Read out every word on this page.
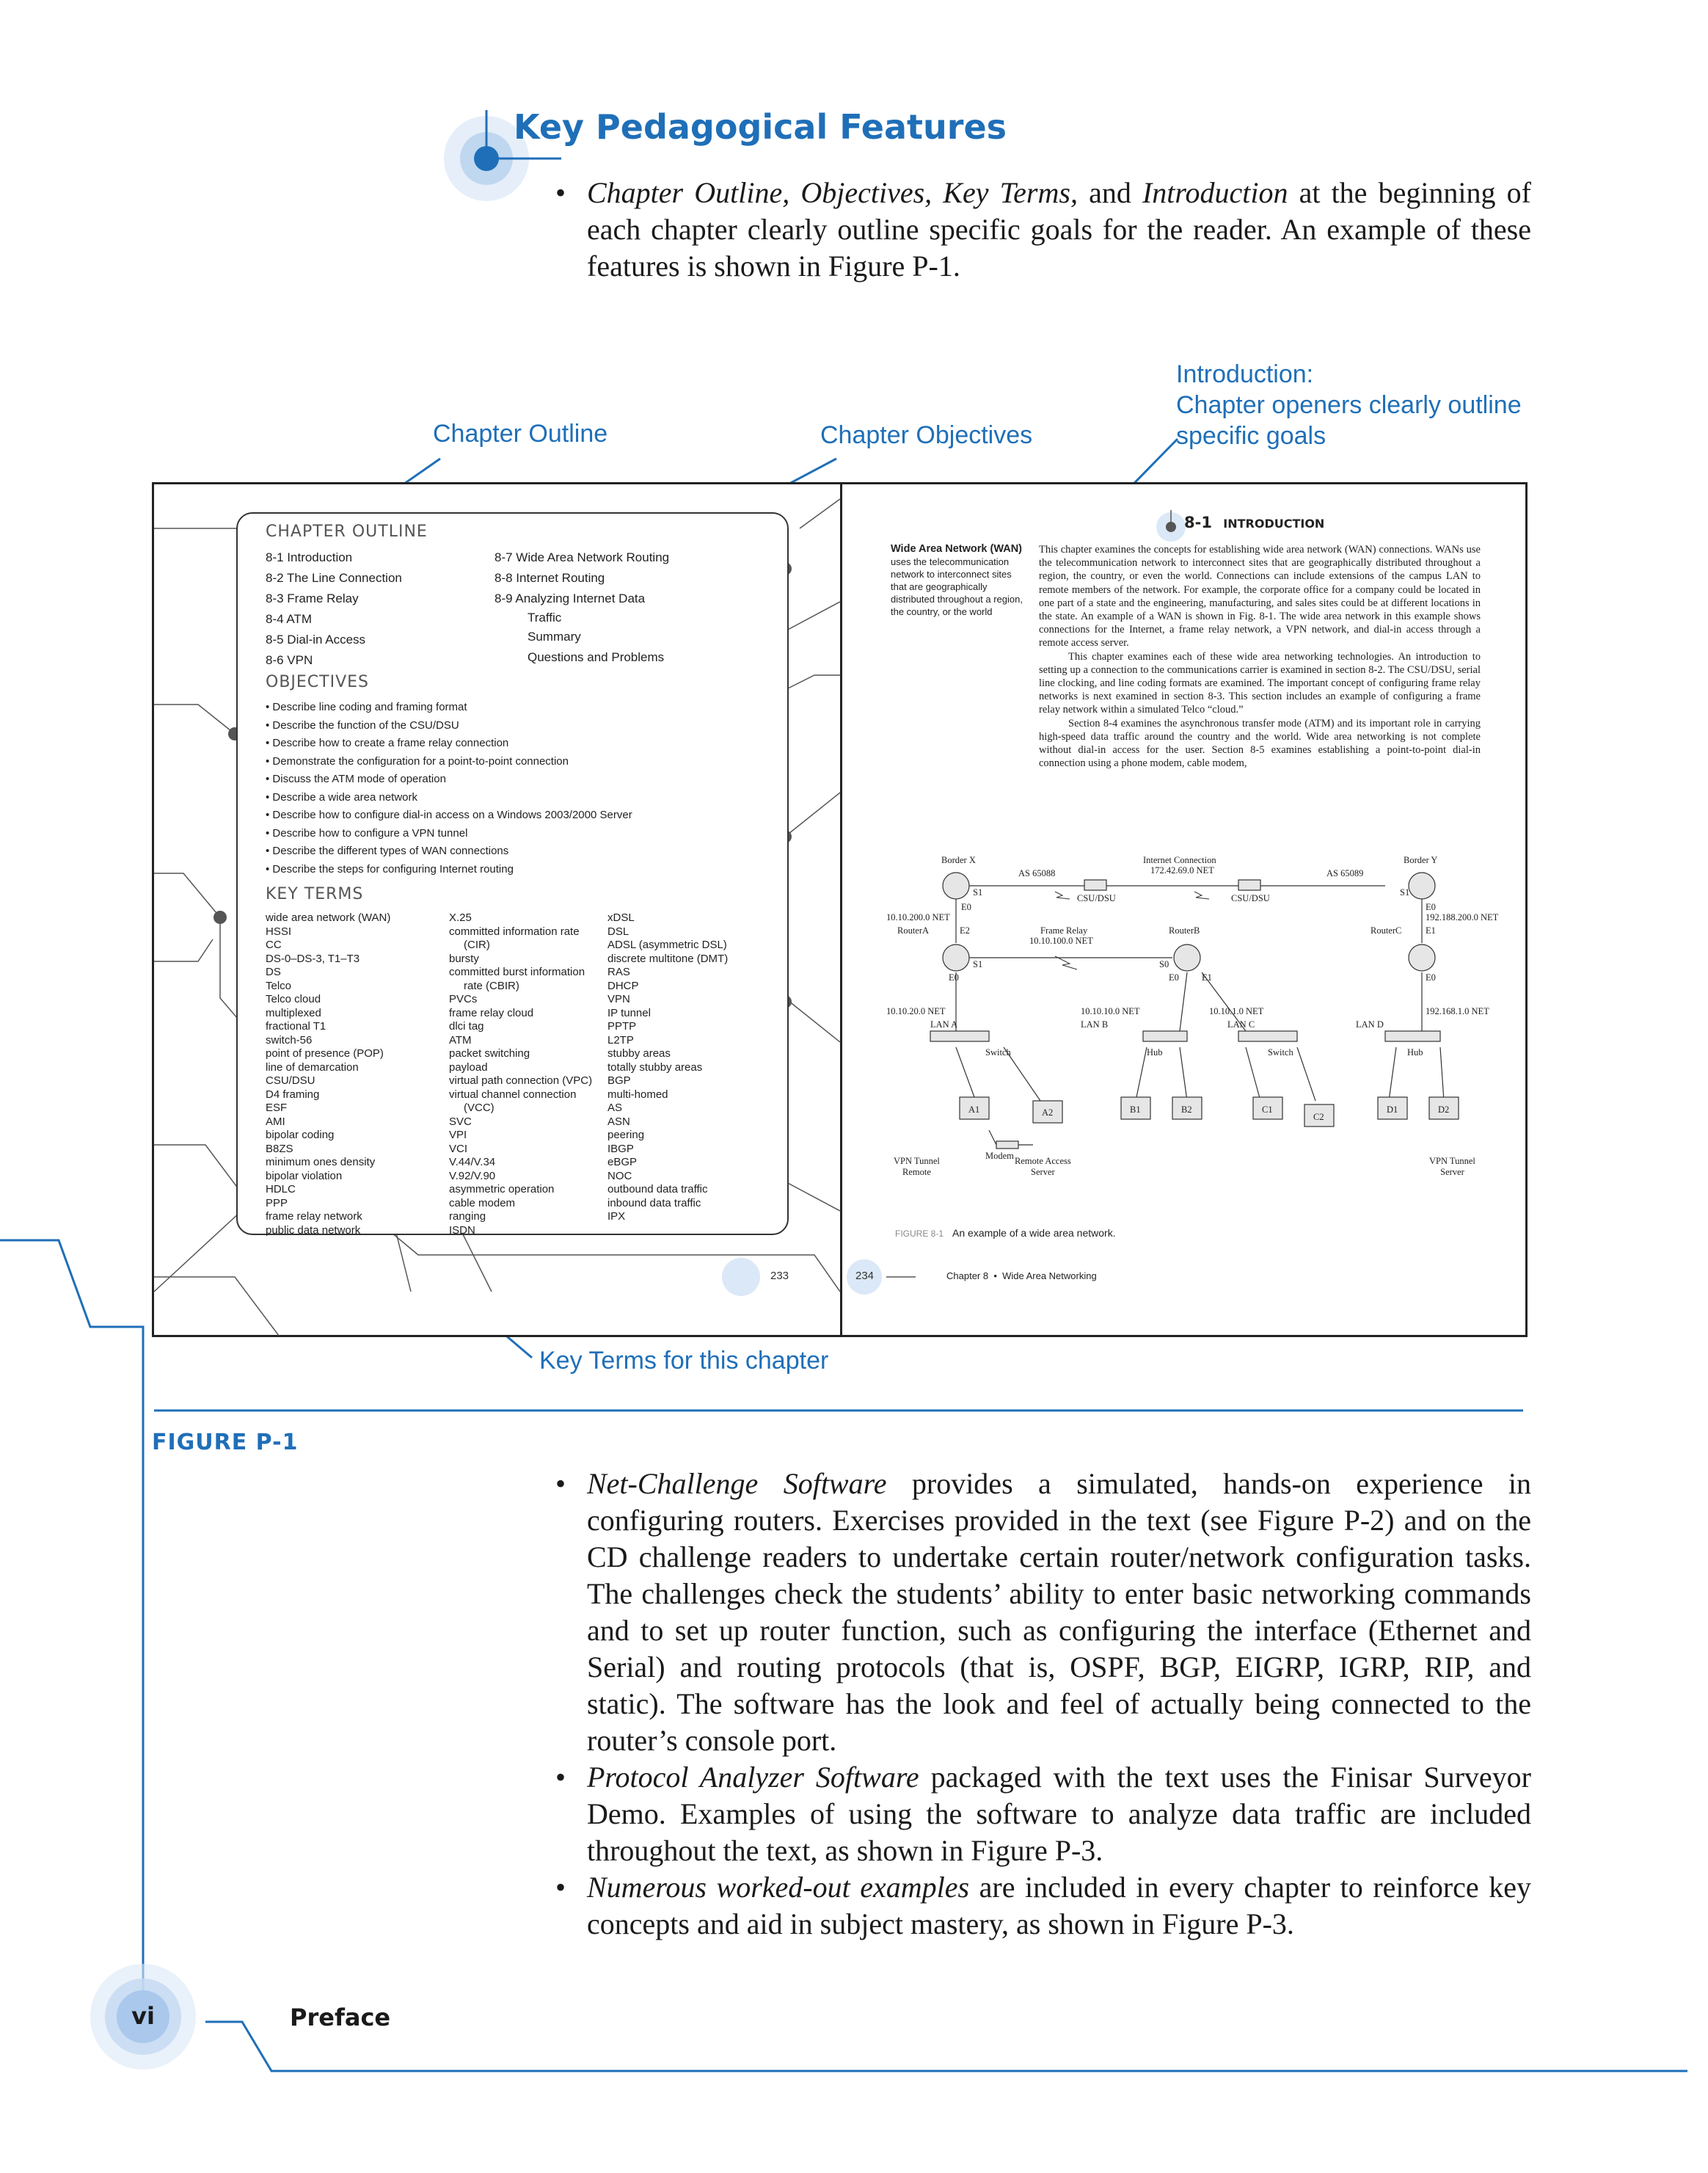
Key Pedagogical Features
• Chapter Outline, Objectives, Key Terms, and Introduction at the beginning of each chapter clearly outline specific goals for the reader. An example of these features is shown in Figure P-1.
Chapter Outline	Chapter Objectives
Introduction:
Chapter openers clearly outline
specific goals
Key Terms for this chapter
CHAPTER OUTLINE
8-1 Introduction
8-2 The Line Connection
8-3 Frame Relay
8-4 ATM
8-5 Dial-in Access
8-6 VPN
8-7 Wide Area Network Routing
8-8 Internet Routing
8-9 Analyzing Internet Data
Traffic
Summary
Questions and Problems
OBJECTIVES
• Describe line coding and framing format
• Describe the function of the CSU/DSU
• Describe how to create a frame relay connection
• Demonstrate the configuration for a point-to-point connection
• Discuss the ATM mode of operation
• Describe a wide area network
• Describe how to configure dial-in access on a Windows 2003/2000 Server
• Describe how to configure a VPN tunnel
• Describe the different types of WAN connections
• Describe the steps for configuring Internet routing
KEY TERMS
wide area network (WAN)
HSSI
CC
DS-0–DS-3, T1–T3
DS
Telco
Telco cloud
multiplexed
fractional T1
switch-56
point of presence (POP)
line of demarcation
CSU/DSU
D4 framing
ESF
AMI
bipolar coding
B8ZS
minimum ones density
bipolar violation
HDLC
PPP
frame relay network
public data network
X.25
committed information rate
(CIR)
bursty
committed burst information
rate (CBIR)
PVCs
frame relay cloud
dlci tag
ATM
packet switching
payload
virtual path connection (VPC)
virtual channel connection
(VCC)
SVC
VPI
VCI
V.44/V.34
V.92/V.90
asymmetric operation
cable modem
ranging
ISDN
xDSL
DSL
ADSL (asymmetric DSL)
discrete multitone (DMT)
RAS
DHCP
VPN
IP tunnel
PPTP
L2TP
stubby areas
totally stubby areas
BGP
multi-homed
AS
ASN
peering
IBGP
eBGP
NOC
outbound data traffic
inbound data traffic
IPX
233
8-1 INTRODUCTION
Wide Area Network (WAN)
uses the telecommunication network to interconnect sites that are geographically distributed throughout a region, the country, or the world
This chapter examines the concepts for establishing wide area network (WAN) connections. WANs use the telecommunication network to interconnect sites that are geographically distributed throughout a region, the country, or even the world. Connections can include extensions of the campus LAN to remote members of the network. For example, the corporate office for a company could be located in one part of a state and the engineering, manufacturing, and sales sites could be at different locations in the state. An example of a WAN is shown in Fig. 8-1. The wide area network in this example shows connections for the Internet, a frame relay network, a VPN network, and dial-in access through a remote access server.
This chapter examines each of these wide area networking technologies. An introduction to setting up a connection to the communications carrier is examined in section 8-2. The CSU/DSU, serial line clocking, and line coding formats are examined. The important concept of configuring frame relay networks is next examined in section 8-3. This section includes an example of configuring a frame relay network within a simulated Telco “cloud.”
Section 8-4 examines the asynchronous transfer mode (ATM) and its important role in carrying high-speed data traffic around the country and the world. Wide area networking is not complete without dial-in access for the user. Section 8-5 examines establishing a point-to-point dial-in connection using a phone modem, cable modem,
Border X	Internet Connection
172.42.69.0 NET
Border Y
AS 65088	AS 65089
CSU/DSU	CSU/DSU
S1	S1
E0	E0
10.10.200.0 NET	192.188.200.0 NET
RouterA	E2	Frame Relay
10.10.100.0 NET
RouterB	RouterC	E1
S1	S0
E0	E0 E1	E0
10.10.20.0 NET	10.10.10.0 NET	10.10.1.0 NET	192.168.1.0 NET
LAN A	LAN B	LAN C	LAN D
Switch	Hub	Switch	Hub
A1	A2	B1	B2	C1
C2
D1	D2
Modem
VPN Tunnel
Remote
Remote Access
Server
VPN Tunnel
Server
FIGURE 8-1 An example of a wide area network.
234	Chapter 8  •  Wide Area Networking
FIGURE P-1
• Net-Challenge Software provides a simulated, hands-on experience in configuring routers. Exercises provided in the text (see Figure P-2) and on the CD challenge readers to undertake certain router/network configuration tasks. The challenges check the students’ ability to enter basic networking commands and to set up router function, such as configuring the interface (Ethernet and Serial) and routing protocols (that is, OSPF, BGP, EIGRP, IGRP, RIP, and static). The software has the look and feel of actually being connected to the router’s console port.
• Protocol Analyzer Software packaged with the text uses the Finisar Surveyor Demo. Examples of using the software to analyze data traffic are included throughout the text, as shown in Figure P-3.
• Numerous worked-out examples are included in every chapter to reinforce key concepts and aid in subject mastery, as shown in Figure P-3.
vi	Preface
